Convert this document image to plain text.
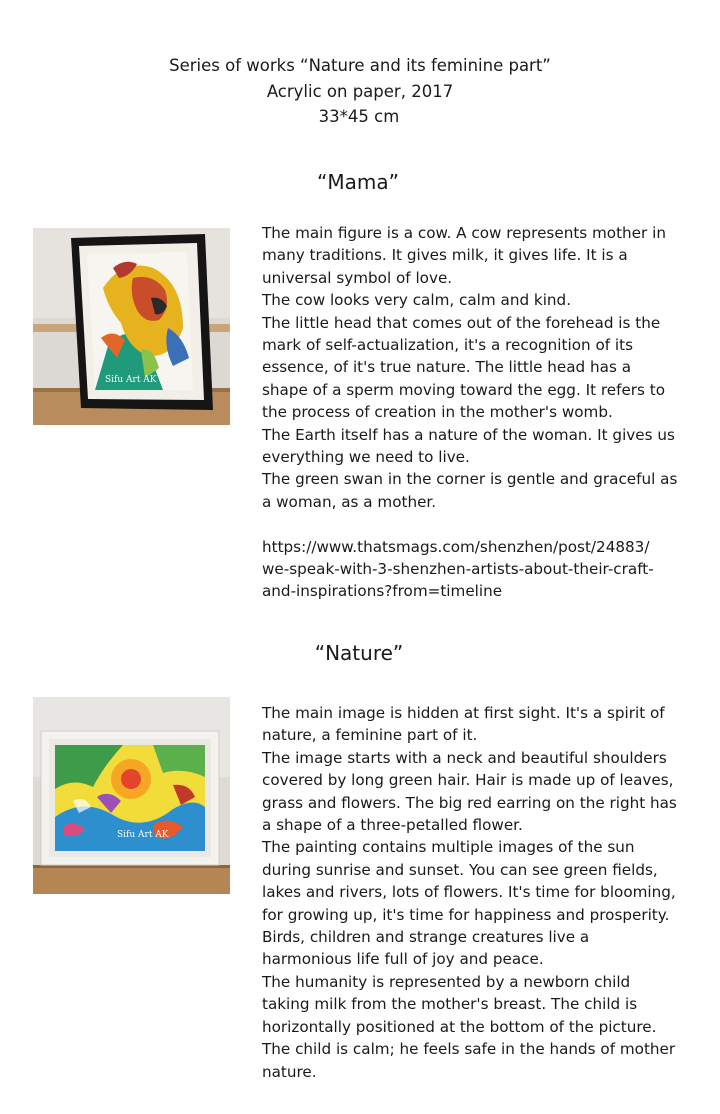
Series of works “Nature and its feminine part”
Acrylic on paper, 2017
33*45 cm
“Mama”
Sifu Art AK
The main figure is a cow. A cow represents mother in
many traditions. It gives milk, it gives life. It is a
universal symbol of love.
The cow looks very calm, calm and kind.
The little head that comes out of the forehead is the
mark of self-actualization, it's a recognition of its
essence, of it's true nature. The little head has a
shape of a sperm moving toward the egg. It refers to
the process of creation in the mother's womb.
The Earth itself has a nature of the woman. It gives us
everything we need to live.
The green swan in the corner is gentle and graceful as
a woman, as a mother.
https://www.thatsmags.com/shenzhen/post/24883/
we-speak-with-3-shenzhen-artists-about-their-craft-
and-inspirations?from=timeline
“Nature”
Sifu Art AK
The main image is hidden at first sight. It's a spirit of
nature, a feminine part of it.
The image starts with a neck and beautiful shoulders
covered by long green hair. Hair is made up of leaves,
grass and flowers. The big red earring on the right has
a shape of a three-petalled flower.
The painting contains multiple images of the sun
during sunrise and sunset. You can see green fields,
lakes and rivers, lots of flowers. It's time for blooming,
for growing up, it's time for happiness and prosperity.
Birds, children and strange creatures live a
harmonious life full of joy and peace.
The humanity is represented by a newborn child
taking milk from the mother's breast. The child is
horizontally positioned at the bottom of the picture.
The child is calm; he feels safe in the hands of mother
nature.
